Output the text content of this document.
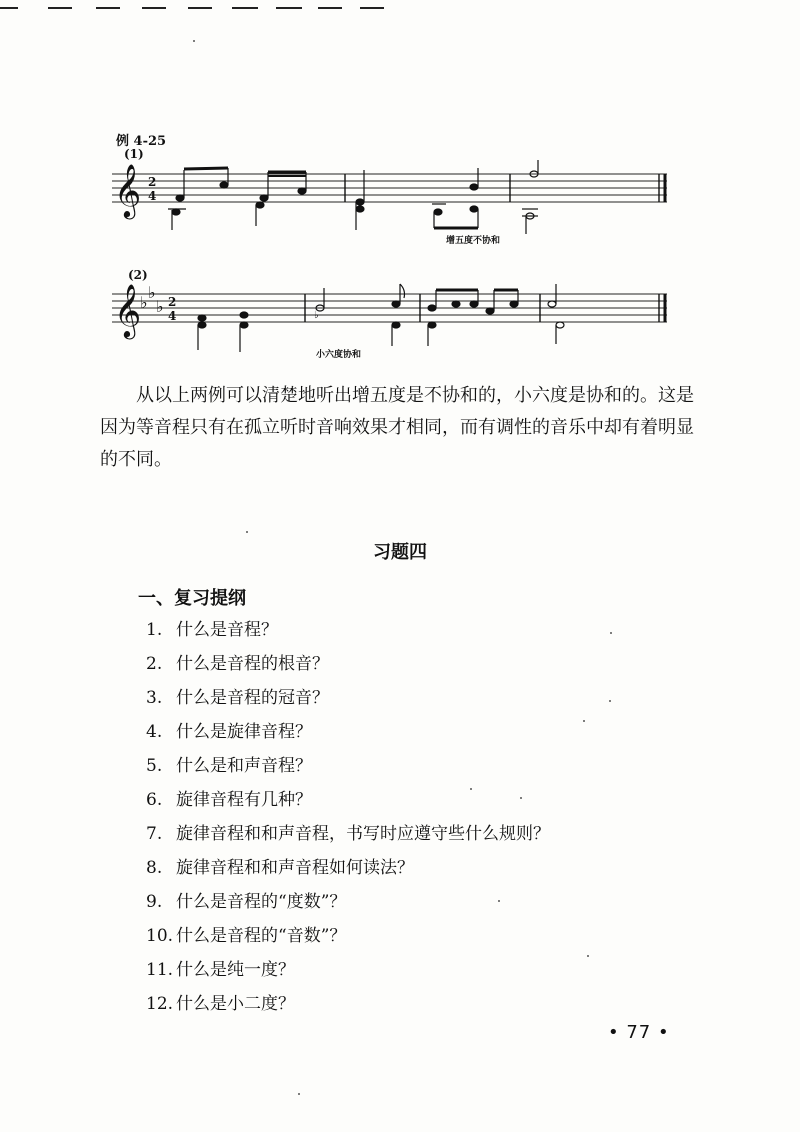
例 4-25
(1)
𝄞 2
4
增五度不协和
(2)
𝄞
♭
♭
♭ 2
4	♭
小六度协和

从以上两例可以清楚地听出增五度是不协和的，小六度是协和的。这是因为等音程只有在孤立听时音响效果才相同，而有调性的音乐中却有着明显的不同。

习题四
一、复习提纲
1. 什么是音程？
2. 什么是音程的根音？
3. 什么是音程的冠音？
4. 什么是旋律音程？
5. 什么是和声音程？
6. 旋律音程有几种？
7. 旋律音程和和声音程，书写时应遵守些什么规则？
8. 旋律音程和和声音程如何读法？
9. 什么是音程的“度数”？
10. 什么是音程的“音数”？
11. 什么是纯一度？
12. 什么是小二度？
• 77 •
